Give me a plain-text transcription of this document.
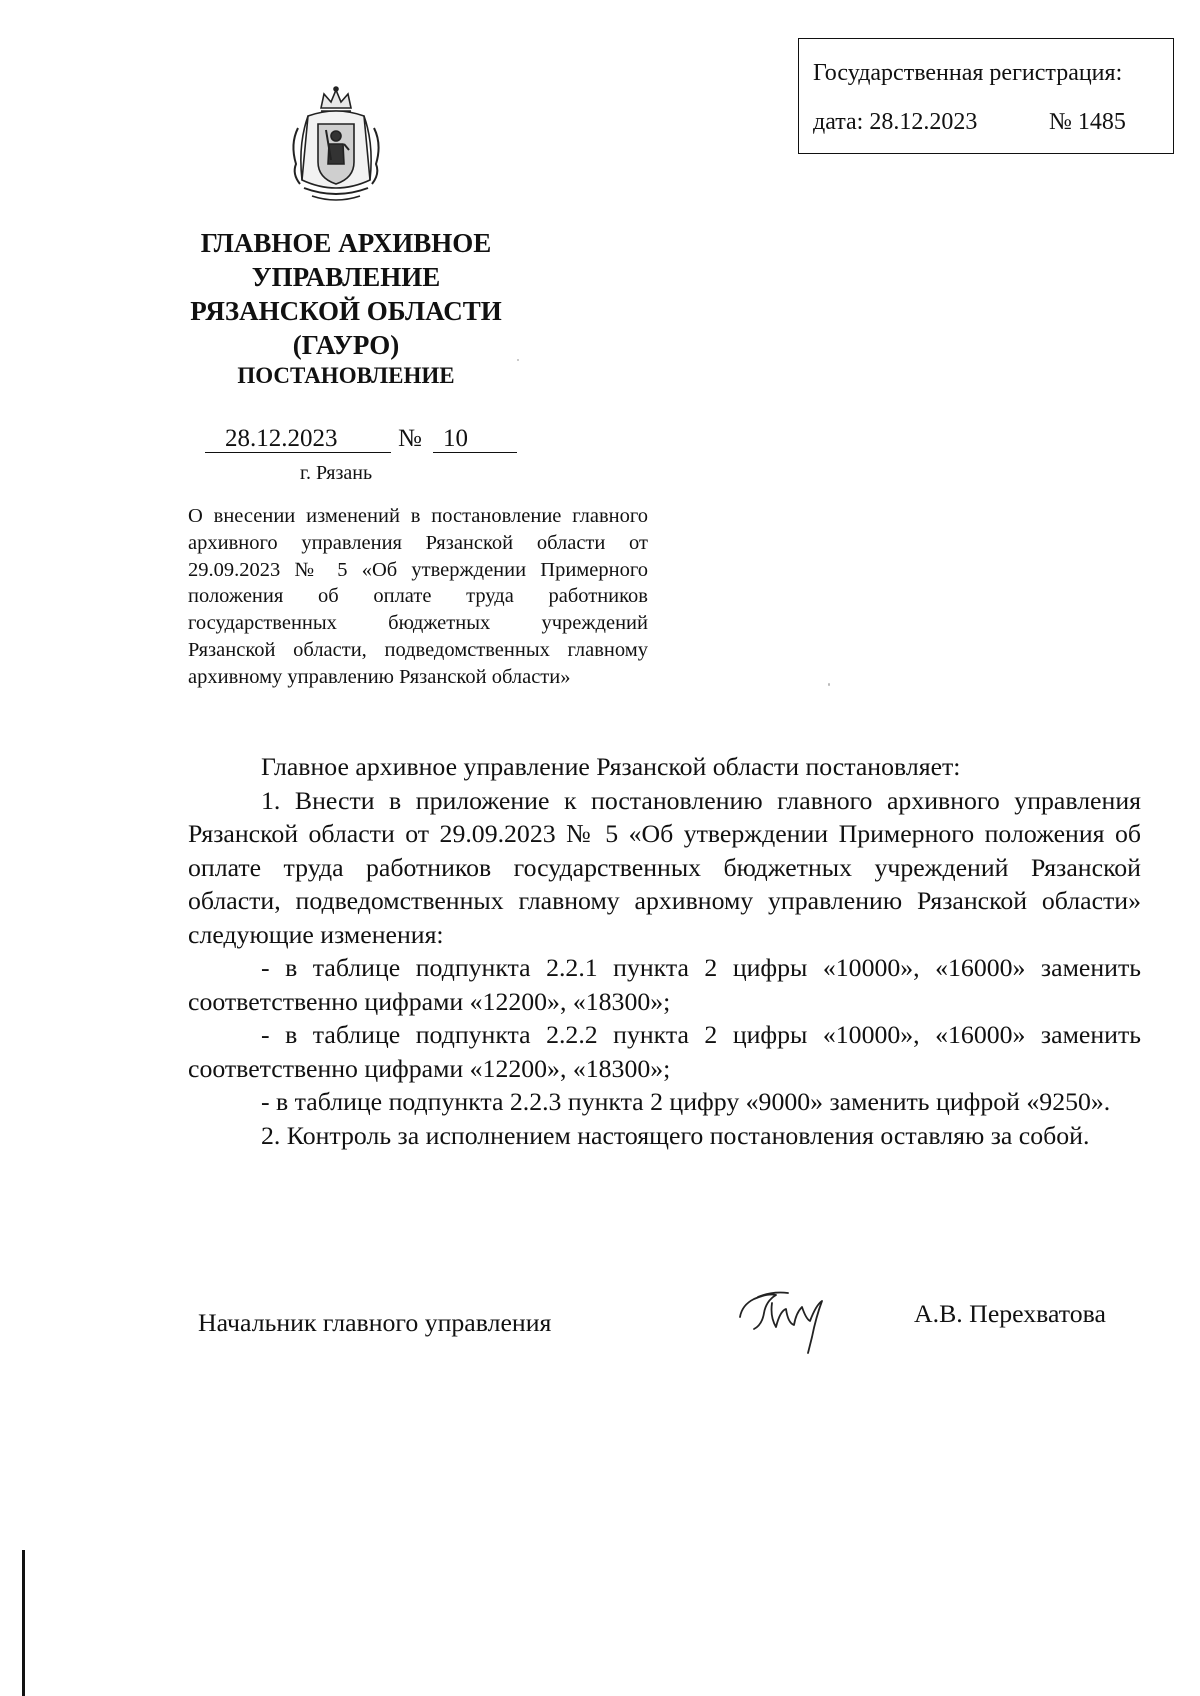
Государственная регистрация:
дата: 28.12.2023	№ 1485
ГЛАВНОЕ АРХИВНОЕ
УПРАВЛЕНИЕ
РЯЗАНСКОЙ ОБЛАСТИ
(ГАУРО)
ПОСТАНОВЛЕНИЕ
28.12.2023 № 10
г. Рязань
О внесении изменений в постановление главного архивного управления Рязанской области от 29.09.2023 № 5 «Об утверждении Примерного положения об оплате труда работников государственных бюджетных учреждений Рязанской области, подведомственных главному архивному управлению Рязанской области»

Главное архивное управление Рязанской области постановляет:

1. Внести в приложение к постановлению главного архивного управления Рязанской области от 29.09.2023 № 5 «Об утверждении Примерного положения об оплате труда работников государственных бюджетных учреждений Рязанской области, подведомственных главному архивному управлению Рязанской области» следующие изменения:

- в таблице подпункта 2.2.1 пункта 2 цифры «10000», «16000» заменить соответственно цифрами «12200», «18300»;

- в таблице подпункта 2.2.2 пункта 2 цифры «10000», «16000» заменить соответственно цифрами «12200», «18300»;

- в таблице подпункта 2.2.3 пункта 2 цифру «9000» заменить цифрой «9250».

2. Контроль за исполнением настоящего постановления оставляю за собой.

Начальник главного управления	А.В. Перехватова
